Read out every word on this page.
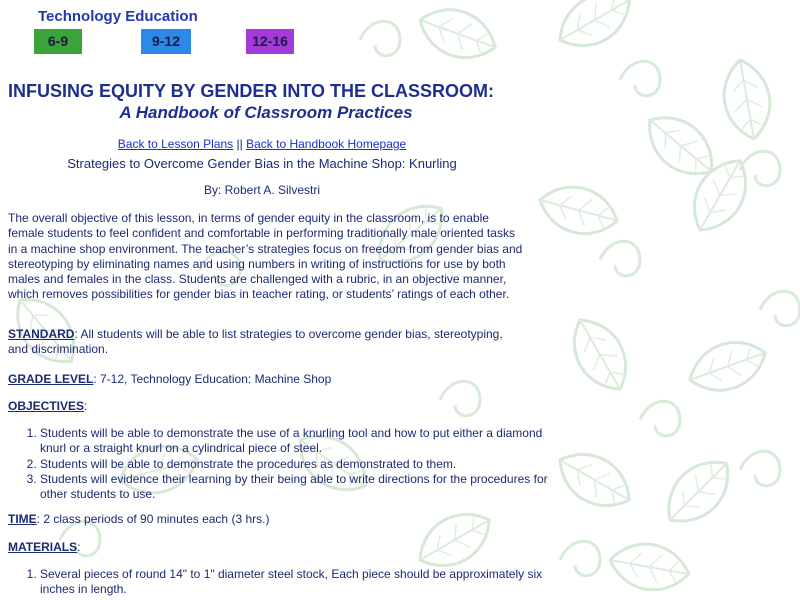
Technology Education
6-9	9-12	12-16
INFUSING EQUITY BY GENDER INTO THE CLASSROOM:
A Handbook of Classroom Practices
Back to Lesson Plans || Back to Handbook Homepage
Strategies to Overcome Gender Bias in the Machine Shop: Knurling
By: Robert A. Silvestri

The overall objective of this lesson, in terms of gender equity in the classroom, is to enable female students to feel confident and comfortable in performing traditionally male oriented tasks in a machine shop environment. The teacher’s strategies focus on freedom from gender bias and stereotyping by eliminating names and using numbers in writing of instructions for use by both males and females in the class. Students are challenged with a rubric, in an objective manner, which removes possibilities for gender bias in teacher rating, or students’ ratings of each other.

STANDARD: All students will be able to list strategies to overcome gender bias, stereotyping, and discrimination.

GRADE LEVEL: 7-12, Technology Education: Machine Shop

OBJECTIVES:

1. Students will be able to demonstrate the use of a knurling tool and how to put either a diamond knurl or a straight knurl on a cylindrical piece of steel.
2. Students will be able to demonstrate the procedures as demonstrated to them.
3. Students will evidence their learning by their being able to write directions for the procedures for other students to use.

TIME: 2 class periods of 90 minutes each (3 hrs.)

MATERIALS:

1. Several pieces of round 14" to 1" diameter steel stock, Each piece should be approximately six inches in length.
